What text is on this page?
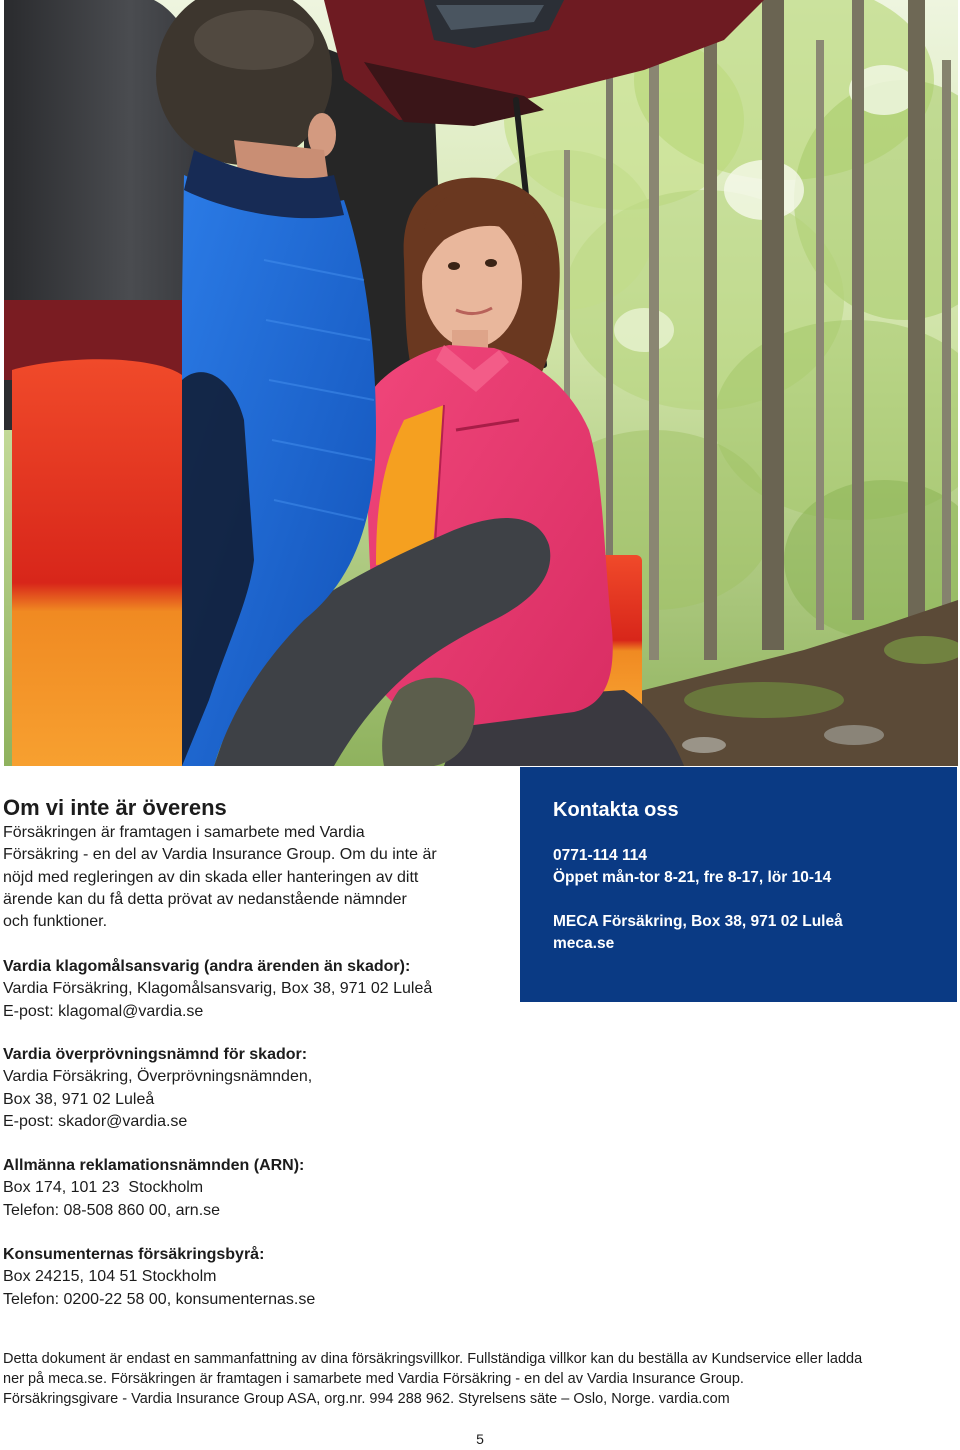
Om vi inte är överens
Försäkringen är framtagen i samarbete med Vardia
Försäkring - en del av Vardia Insurance Group. Om du inte är
nöjd med regleringen av din skada eller hanteringen av ditt
ärende kan du få detta prövat av nedanstående nämnder
och funktioner.
Vardia klagomålsansvarig (andra ärenden än skador):
Vardia Försäkring, Klagomålsansvarig, Box 38, 971 02 Luleå
E-post: klagomal@vardia.se
Vardia överprövningsnämnd för skador:
Vardia Försäkring, Överprövningsnämnden,
Box 38, 971 02 Luleå
E-post: skador@vardia.se
Allmänna reklamationsnämnden (ARN):
Box 174, 101 23  Stockholm
Telefon: 08-508 860 00, arn.se
Konsumenternas försäkringsbyrå:
Box 24215, 104 51 Stockholm
Telefon: 0200-22 58 00, konsumenternas.se
Kontakta oss
0771-114 114
Öppet mån-tor 8-21, fre 8-17, lör 10-14
MECA Försäkring, Box 38, 971 02 Luleå
meca.se
Detta dokument är endast en sammanfattning av dina försäkringsvillkor. Fullständiga villkor kan du beställa av Kundservice eller ladda
ner på meca.se. Försäkringen är framtagen i samarbete med Vardia Försäkring - en del av Vardia Insurance Group.
Försäkringsgivare - Vardia Insurance Group ASA, org.nr. 994 288 962. Styrelsens säte – Oslo, Norge. vardia.com
5
